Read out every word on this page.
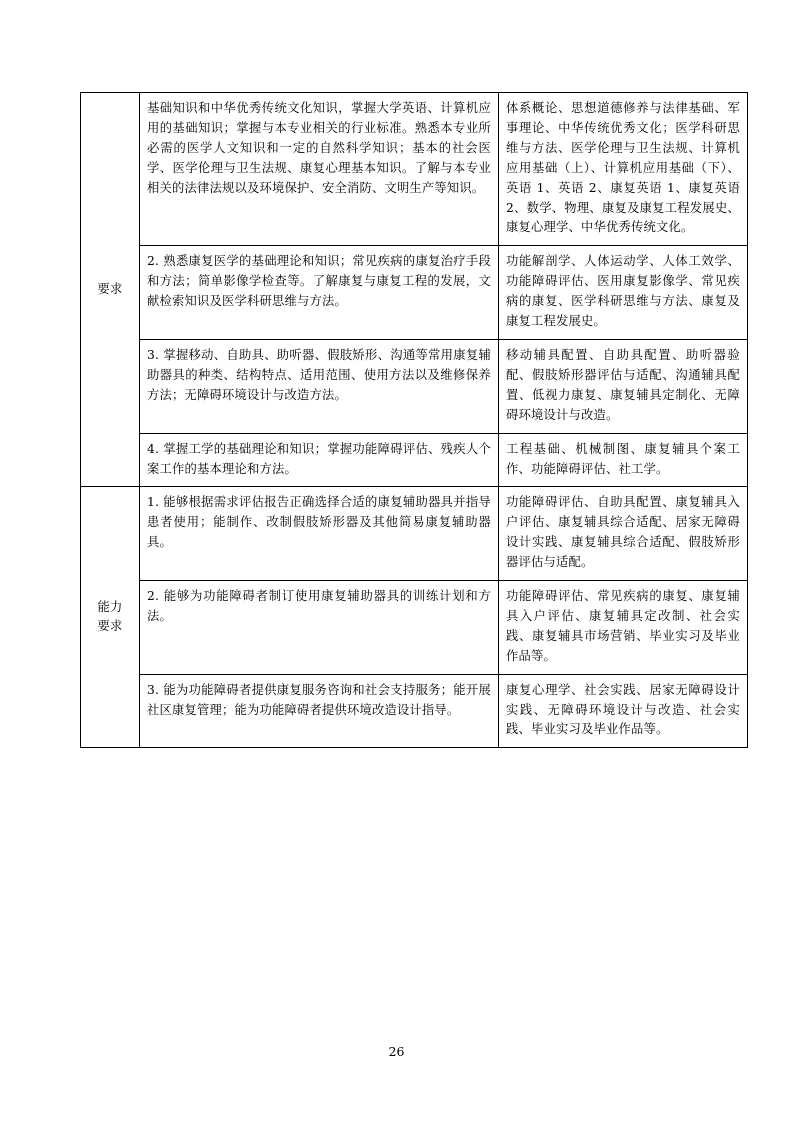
要求	基础知识和中华优秀传统文化知识，掌握大学英语、计算机应用的基础知识；掌握与本专业相关的行业标准。熟悉本专业所必需的医学人文知识和一定的自然科学知识；基本的社会医学、医学伦理与卫生法规、康复心理基本知识。了解与本专业相关的法律法规以及环境保护、安全消防、文明生产等知识。	体系概论、思想道德修养与法律基础、军事理论、中华传统优秀文化；医学科研思维与方法、医学伦理与卫生法规、计算机应用基础（上）、计算机应用基础（下）、英语 1、英语 2、康复英语 1、康复英语 2、数学、物理、康复及康复工程发展史、康复心理学、中华优秀传统文化。
	2. 熟悉康复医学的基础理论和知识；常见疾病的康复治疗手段和方法；简单影像学检查等。了解康复与康复工程的发展，文献检索知识及医学科研思维与方法。	功能解剖学、人体运动学、人体工效学、功能障碍评估、医用康复影像学、常见疾病的康复、医学科研思维与方法、康复及康复工程发展史。
	3. 掌握移动、自助具、助听器、假肢矫形、沟通等常用康复辅助器具的种类、结构特点、适用范围、使用方法以及维修保养方法；无障碍环境设计与改造方法。	移动辅具配置、自助具配置、助听器验配、假肢矫形器评估与适配、沟通辅具配置、低视力康复、康复辅具定制化、无障碍环境设计与改造。
	4. 掌握工学的基础理论和知识；掌握功能障碍评估、残疾人个案工作的基本理论和方法。	工程基础、机械制图、康复辅具个案工作、功能障碍评估、社工学。

能力
要求	1. 能够根据需求评估报告正确选择合适的康复辅助器具并指导患者使用；能制作、改制假肢矫形器及其他简易康复辅助器具。	功能障碍评估、自助具配置、康复辅具入户评估、康复辅具综合适配、居家无障碍设计实践、康复辅具综合适配、假肢矫形器评估与适配。
	2. 能够为功能障碍者制订使用康复辅助器具的训练计划和方法。	功能障碍评估、常见疾病的康复、康复辅具入户评估、康复辅具定改制、社会实践、康复辅具市场营销、毕业实习及毕业作品等。
	3. 能为功能障碍者提供康复服务咨询和社会支持服务；能开展社区康复管理；能为功能障碍者提供环境改造设计指导。	康复心理学、社会实践、居家无障碍设计实践、无障碍环境设计与改造、社会实践、毕业实习及毕业作品等。
26
